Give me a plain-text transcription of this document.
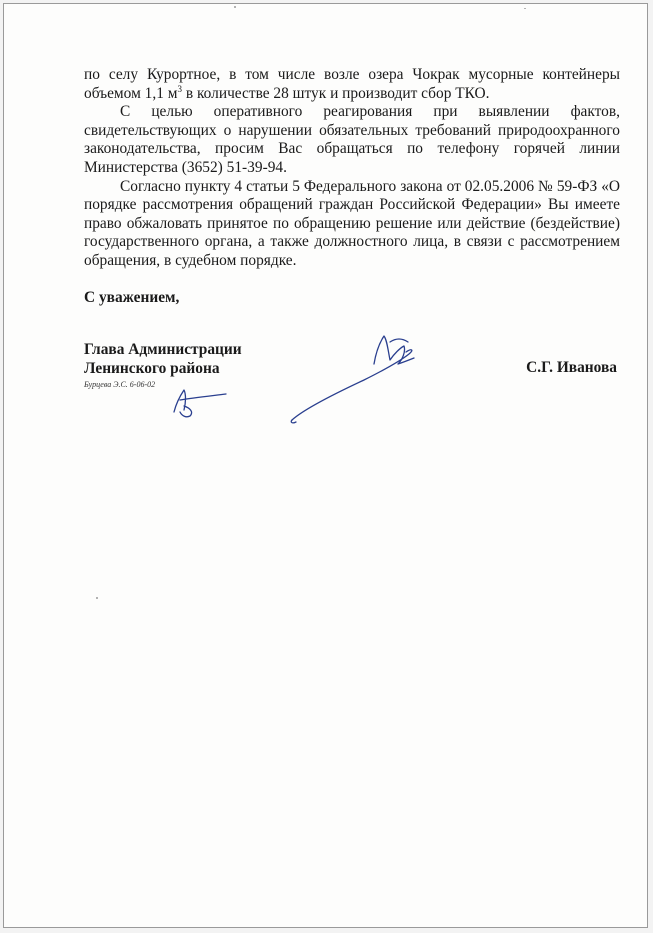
по селу Курортное, в том числе возле озера Чокрак мусорные контейнеры объемом 1,1 $м^3$ в количестве 28 штук и производит сбор ТКО.

С целью оперативного реагирования при выявлении фактов, свидетельствующих о нарушении обязательных требований природоохранного законодательства, просим Вас обращаться по телефону горячей линии Министерства (3652) 51-39-94.

Согласно пункту 4 статьи 5 Федерального закона от 02.05.2006 № 59-ФЗ «О порядке рассмотрения обращений граждан Российской Федерации» Вы имеете право обжаловать принятое по обращению решение или действие (бездействие) государственного органа, а также должностного лица, в связи с рассмотрением обращения, в судебном порядке.

С уважением,
Глава Администрации
Ленинского района
Бурцева Э.С. 6-06-02
С.Г. Иванова
